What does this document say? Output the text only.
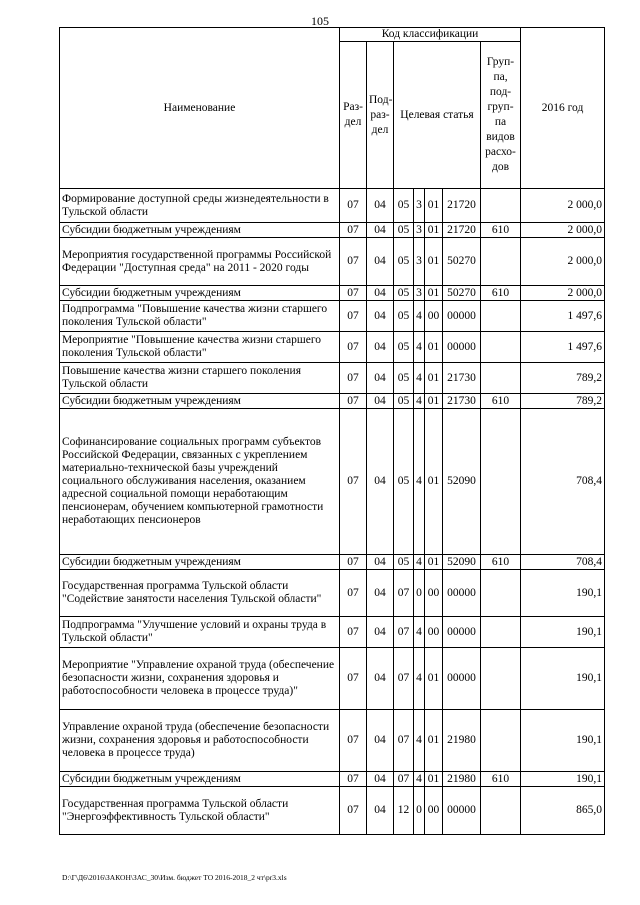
105
Наименование	Код классификации							2016 год
	Раз-дел	Под-раз-дел	Целевая статья				Груп-па, под-груп-па видов расхо-дов	
Формирование доступной среды жизнедеятельности в Тульской области	07	04	05	3	01	21720		2 000,0
Субсидии бюджетным учреждениям	07	04	05	3	01	21720	610	2 000,0
Мероприятия государственной программы Российской Федерации "Доступная среда" на 2011 - 2020 годы	07	04	05	3	01	50270		2 000,0
Субсидии бюджетным учреждениям	07	04	05	3	01	50270	610	2 000,0
Подпрограмма "Повышение качества жизни старшего поколения Тульской области"	07	04	05	4	00	00000		1 497,6
Мероприятие "Повышение качества жизни старшего поколения Тульской области"	07	04	05	4	01	00000		1 497,6
Повышение качества жизни старшего поколения Тульской области	07	04	05	4	01	21730		789,2
Субсидии бюджетным учреждениям	07	04	05	4	01	21730	610	789,2
Софинансирование социальных программ субъектов Российской Федерации, связанных с укреплением материально-технической базы учреждений социального обслуживания населения, оказанием адресной социальной помощи неработающим пенсионерам, обучением компьютерной грамотности неработающих пенсионеров	07	04	05	4	01	52090		708,4
Субсидии бюджетным учреждениям	07	04	05	4	01	52090	610	708,4
Государственная программа Тульской области "Содействие занятости населения Тульской области"	07	04	07	0	00	00000		190,1
Подпрограмма "Улучшение условий и охраны труда в Тульской области"	07	04	07	4	00	00000		190,1
Мероприятие "Управление охраной труда (обеспечение безопасности жизни, сохранения здоровья и работоспособности человека в процессе труда)"	07	04	07	4	01	00000		190,1
Управление охраной труда (обеспечение безопасности жизни, сохранения здоровья и работоспособности человека в процессе труда)	07	04	07	4	01	21980		190,1
Субсидии бюджетным учреждениям	07	04	07	4	01	21980	610	190,1
Государственная программа Тульской области "Энергоэффективность Тульской области"	07	04	12	0	00	00000		865,0
D:\Г\Д6\2016\ЗАКОН\ЗАС_30\Изм. бюджет ТО 2016-2018_2 чт\pr3.xls
